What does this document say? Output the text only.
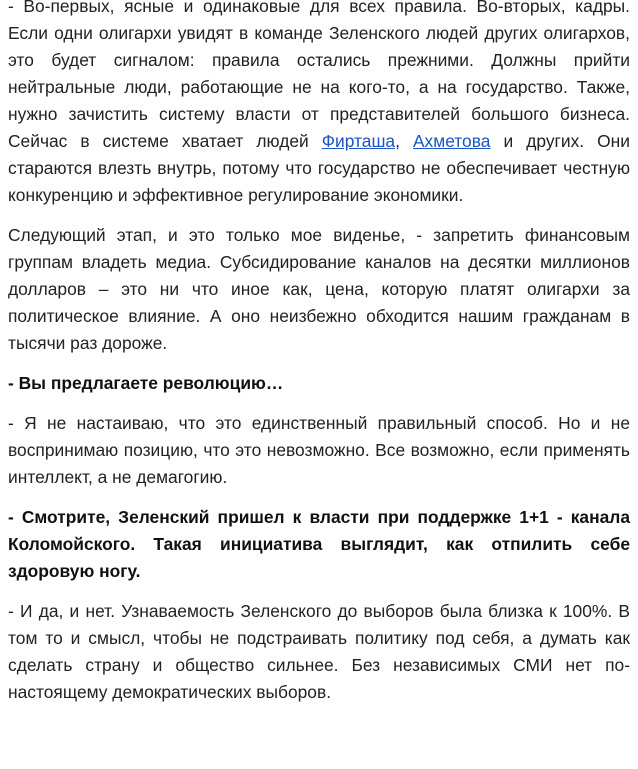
- Во-первых, ясные и одинаковые для всех правила. Во-вторых, кадры. Если одни олигархи увидят в команде Зеленского людей других олигархов, это будет сигналом: правила остались прежними. Должны прийти нейтральные люди, работающие не на кого-то, а на государство. Также, нужно зачистить систему власти от представителей большого бизнеса. Сейчас в системе хватает людей Фирташа, Ахметова и других. Они стараются влезть внутрь, потому что государство не обеспечивает честную конкуренцию и эффективное регулирование экономики.

Следующий этап, и это только мое виденье, - запретить финансовым группам владеть медиа. Субсидирование каналов на десятки миллионов долларов – это ни что иное как, цена, которую платят олигархи за политическое влияние. А оно неизбежно обходится нашим гражданам в тысячи раз дороже.

- Вы предлагаете революцию…

- Я не настаиваю, что это единственный правильный способ. Но и не воспринимаю позицию, что это невозможно. Все возможно, если применять интеллект, а не демагогию.

- Смотрите, Зеленский пришел к власти при поддержке 1+1 - канала Коломойского. Такая инициатива выглядит, как отпилить себе здоровую ногу.

- И да, и нет. Узнаваемость Зеленского до выборов была близка к 100%. В том то и смысл, чтобы не подстраивать политику под себя, а думать как сделать страну и общество сильнее. Без независимых СМИ нет по-настоящему демократических выборов.
